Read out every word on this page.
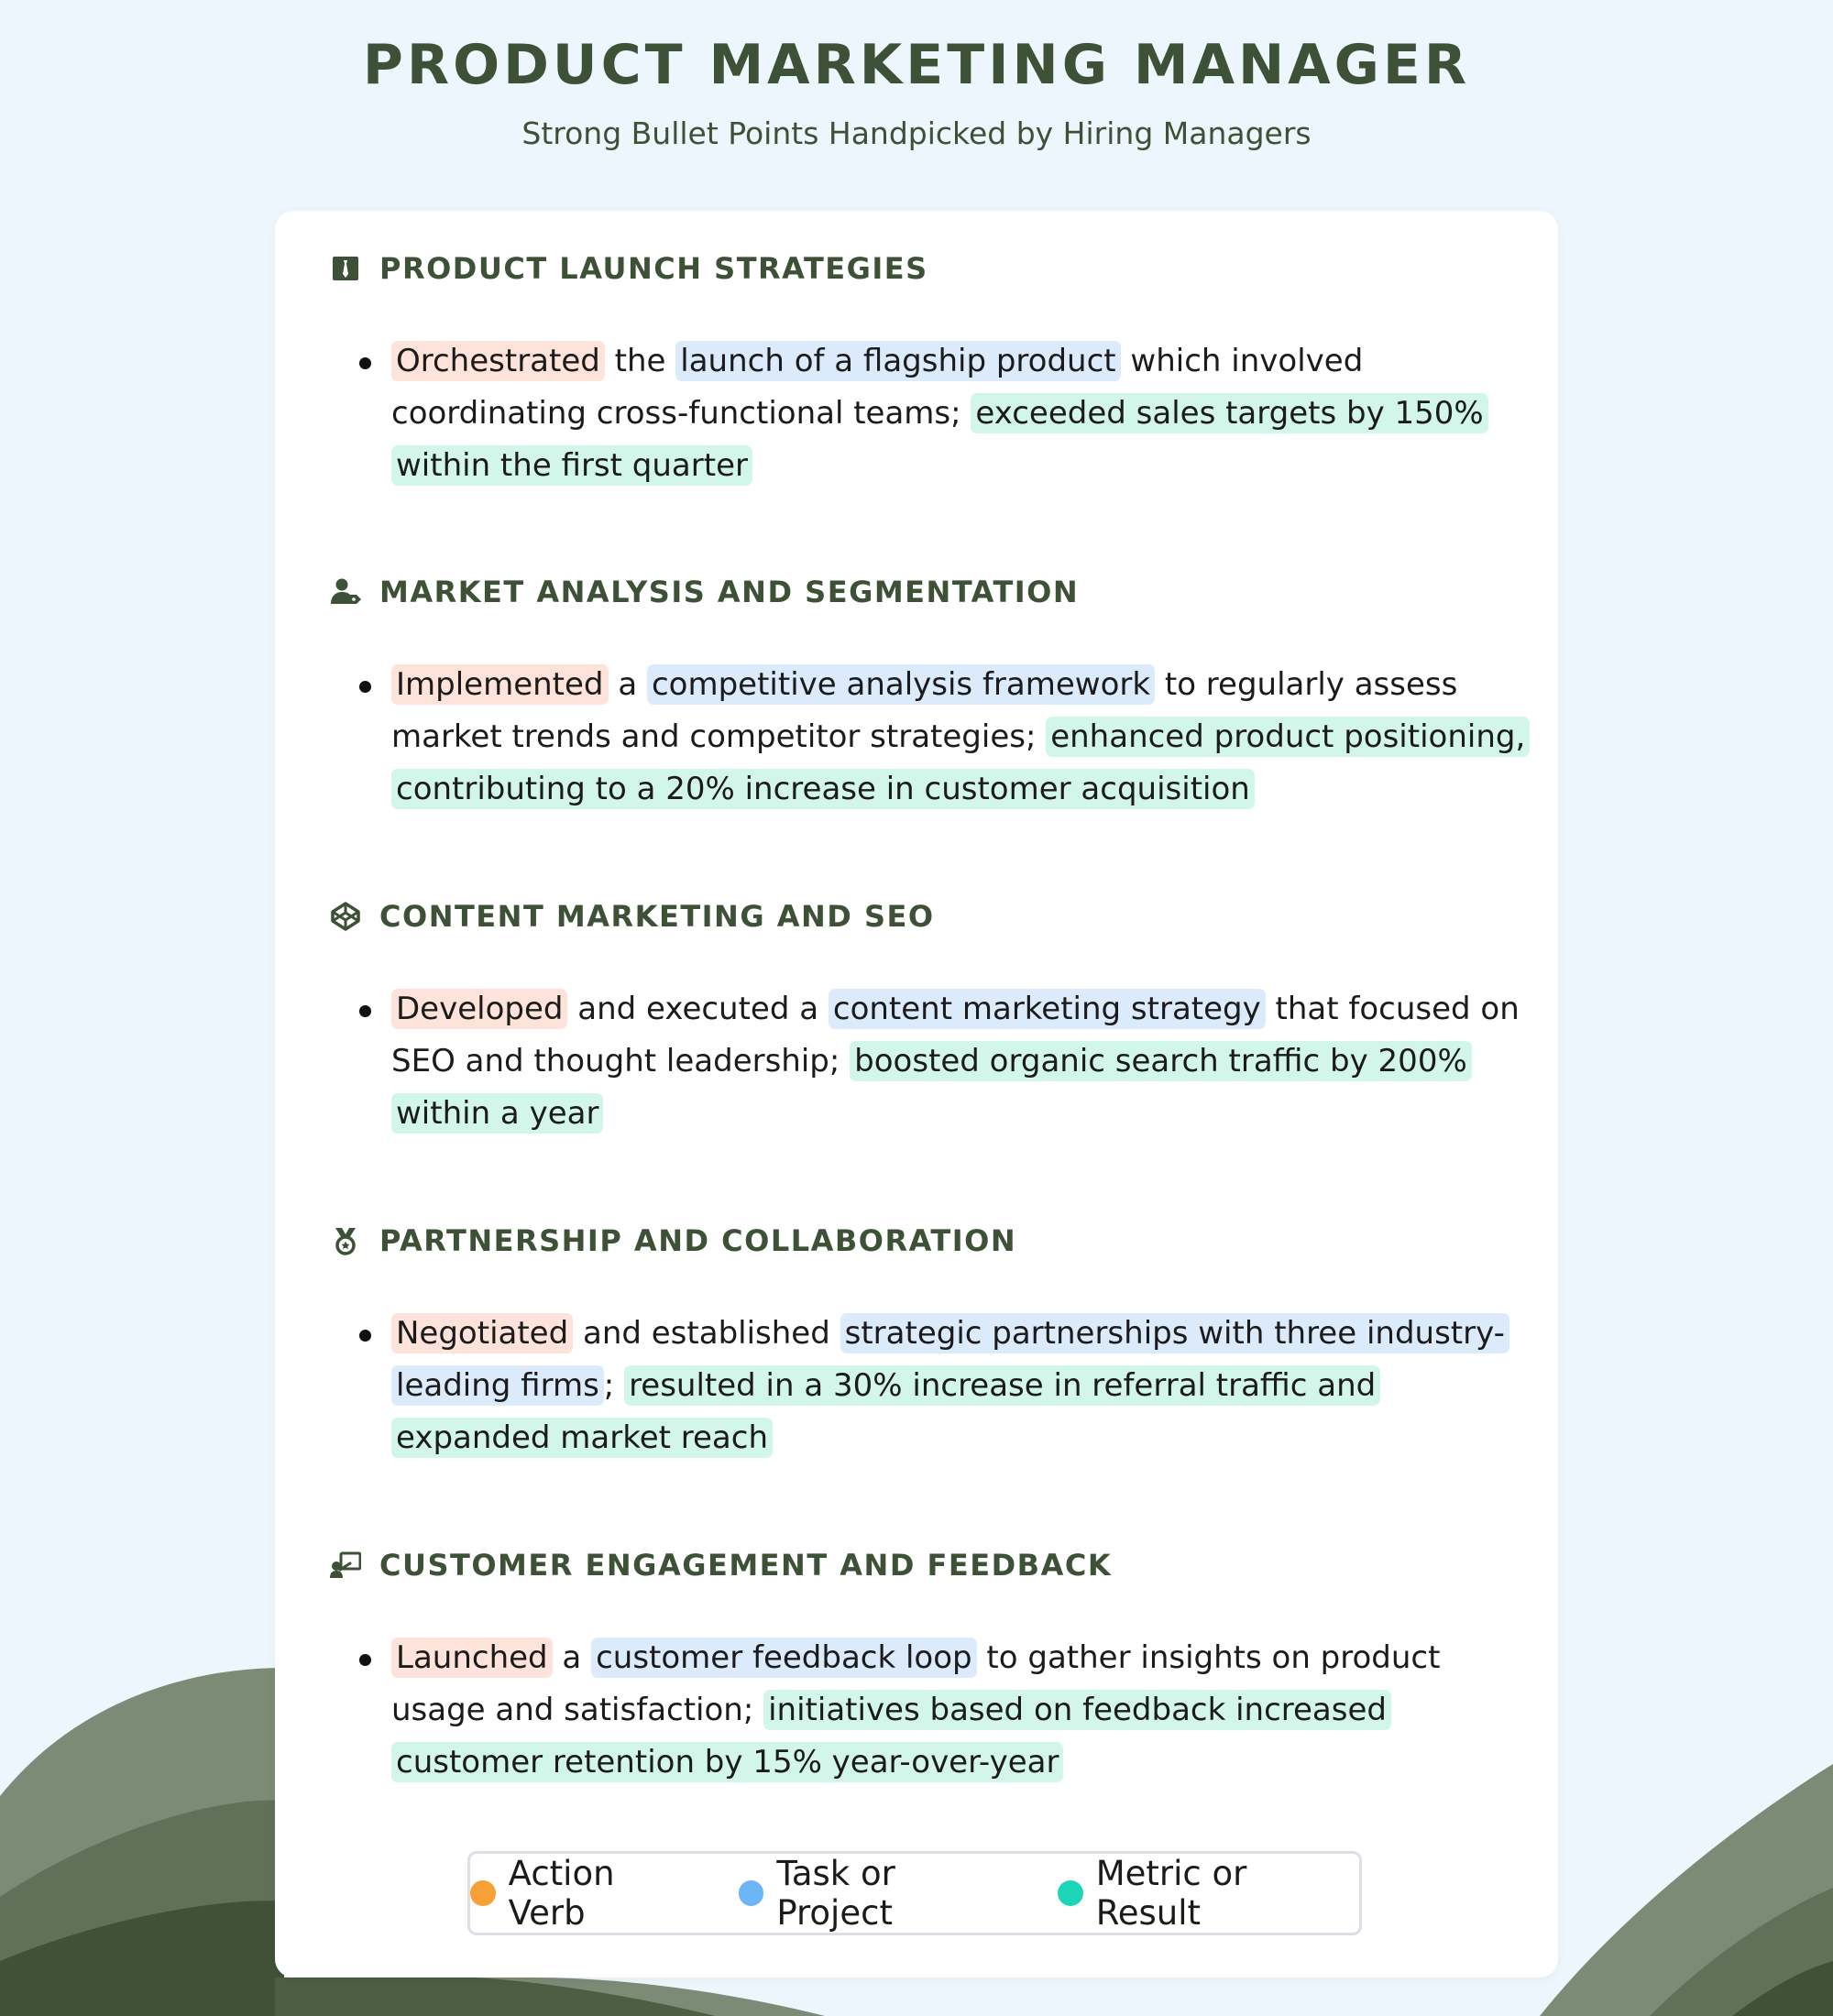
PRODUCT MARKETING MANAGER
Strong Bullet Points Handpicked by Hiring Managers
PRODUCT LAUNCH STRATEGIES
Orchestrated the launch of a flagship product which involved coordinating cross-functional teams; exceeded sales targets by 150% within the first quarter
MARKET ANALYSIS AND SEGMENTATION
Implemented a competitive analysis framework to regularly assess market trends and competitor strategies; enhanced product positioning, contributing to a 20% increase in customer acquisition
CONTENT MARKETING AND SEO
Developed and executed a content marketing strategy that focused on SEO and thought leadership; boosted organic search traffic by 200% within a year
PARTNERSHIP AND COLLABORATION
Negotiated and established strategic partnerships with three industry-leading firms ; resulted in a 30% increase in referral traffic and expanded market reach
CUSTOMER ENGAGEMENT AND FEEDBACK
Launched a customer feedback loop to gather insights on product usage and satisfaction; initiatives based on feedback increased customer retention by 15% year-over-year
Action Verb
Task or Project
Metric or Result
